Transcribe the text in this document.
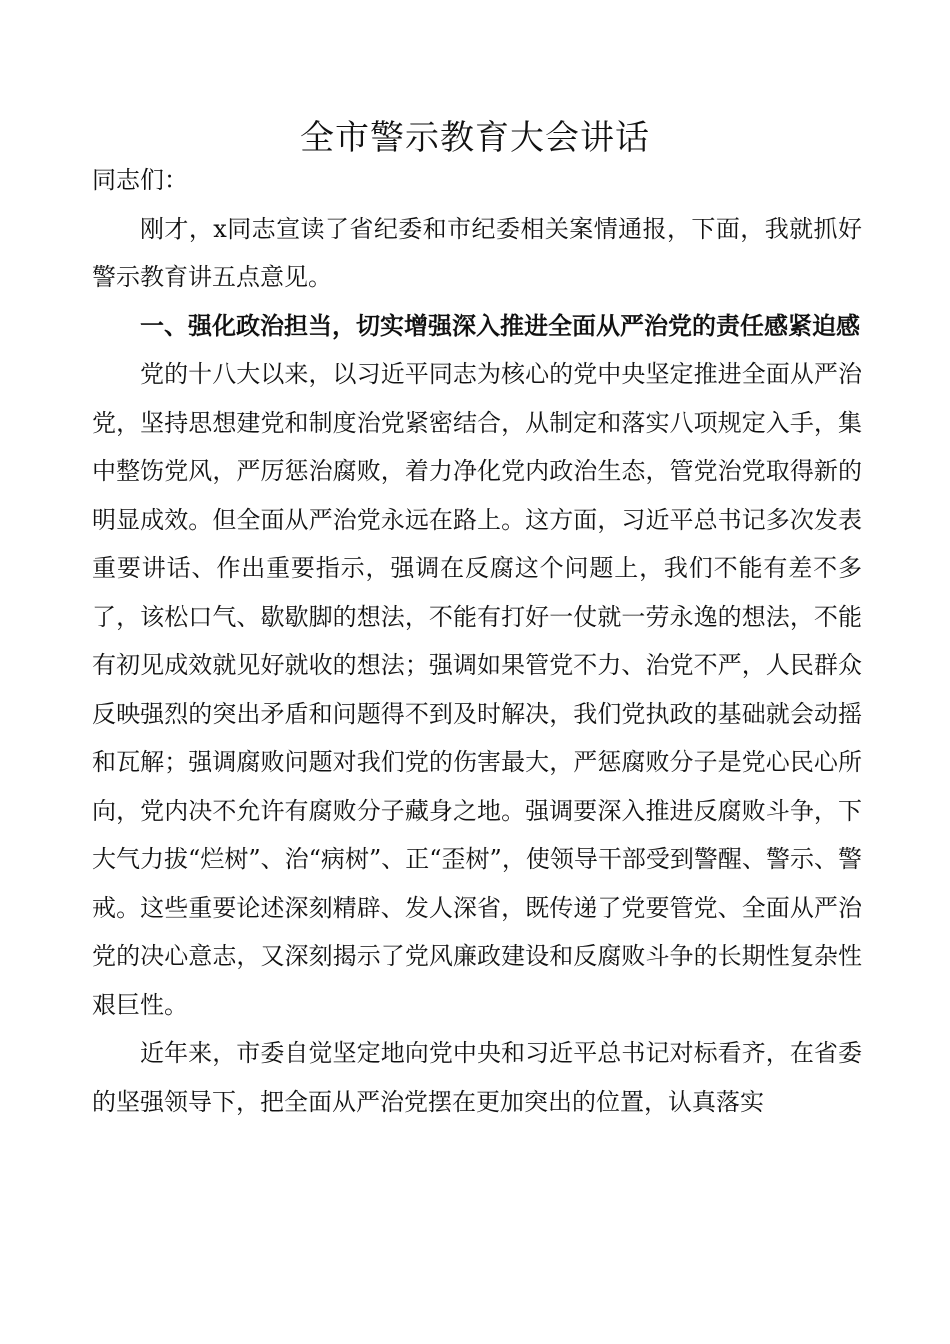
全市警示教育大会讲话

同志们：

刚才，x同志宣读了省纪委和市纪委相关案情通报，下面，我就抓好警示教育讲五点意见。

一、强化政治担当，切实增强深入推进全面从严治党的责任感紧迫感

党的十八大以来，以习近平同志为核心的党中央坚定推进全面从严治党，坚持思想建党和制度治党紧密结合，从制定和落实八项规定入手，集中整饬党风，严厉惩治腐败，着力净化党内政治生态，管党治党取得新的明显成效。但全面从严治党永远在路上。这方面，习近平总书记多次发表重要讲话、作出重要指示，强调在反腐这个问题上，我们不能有差不多了，该松口气、歇歇脚的想法，不能有打好一仗就一劳永逸的想法，不能有初见成效就见好就收的想法；强调如果管党不力、治党不严，人民群众反映强烈的突出矛盾和问题得不到及时解决，我们党执政的基础就会动摇和瓦解；强调腐败问题对我们党的伤害最大，严惩腐败分子是党心民心所向，党内决不允许有腐败分子藏身之地。强调要深入推进反腐败斗争，下大气力拔“烂树”、治“病树”、正“歪树”，使领导干部受到警醒、警示、警戒。这些重要论述深刻精辟、发人深省，既传递了党要管党、全面从严治党的决心意志，又深刻揭示了党风廉政建设和反腐败斗争的长期性复杂性艰巨性。

近年来，市委自觉坚定地向党中央和习近平总书记对标看齐，在省委的坚强领导下，把全面从严治党摆在更加突出的位置，认真落实
